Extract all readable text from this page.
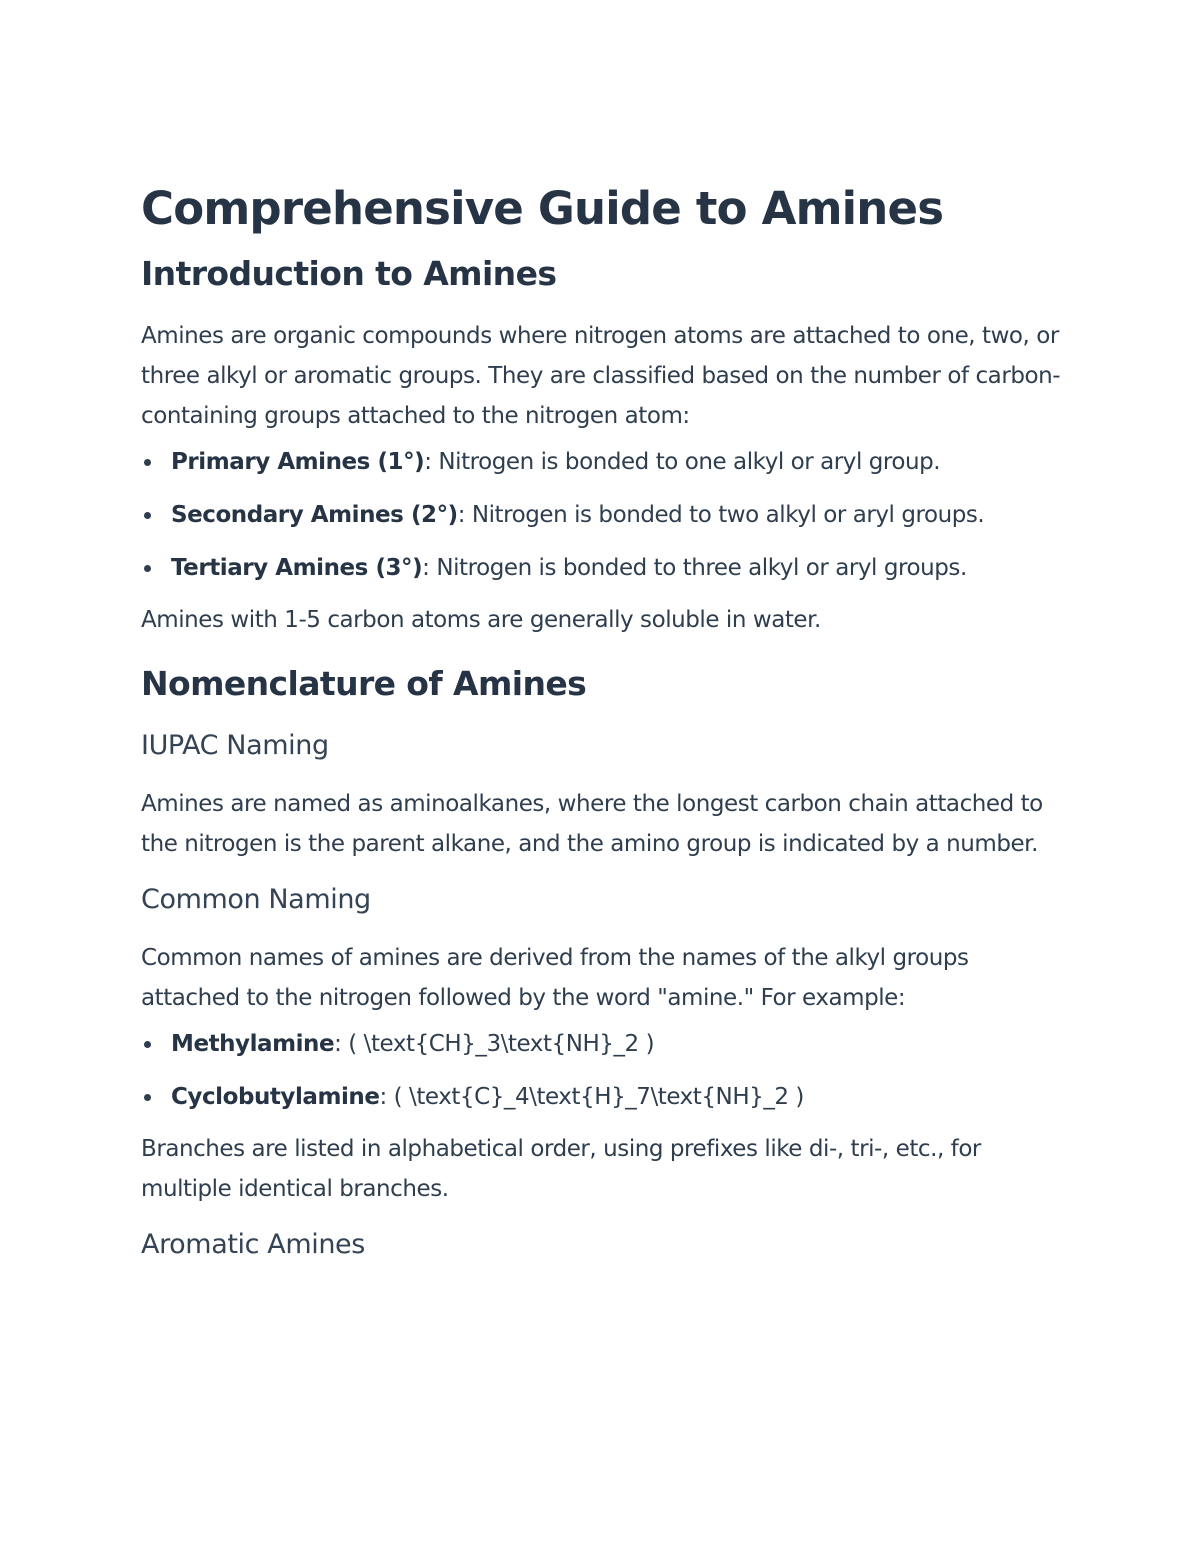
Comprehensive Guide to Amines
Introduction to Amines

Amines are organic compounds where nitrogen atoms are attached to one, two, or three alkyl or aromatic groups. They are classified based on the number of carbon-containing groups attached to the nitrogen atom:

Primary Amines (1°): Nitrogen is bonded to one alkyl or aryl group.
Secondary Amines (2°): Nitrogen is bonded to two alkyl or aryl groups.
Tertiary Amines (3°): Nitrogen is bonded to three alkyl or aryl groups.

Amines with 1-5 carbon atoms are generally soluble in water.

Nomenclature of Amines
IUPAC Naming

Amines are named as aminoalkanes, where the longest carbon chain attached to the nitrogen is the parent alkane, and the amino group is indicated by a number.

Common Naming

Common names of amines are derived from the names of the alkyl groups attached to the nitrogen followed by the word "amine." For example:

Methylamine: ( \text{CH}_3\text{NH}_2 )
Cyclobutylamine: ( \text{C}_4\text{H}_7\text{NH}_2 )

Branches are listed in alphabetical order, using prefixes like di-, tri-, etc., for multiple identical branches.

Aromatic Amines
